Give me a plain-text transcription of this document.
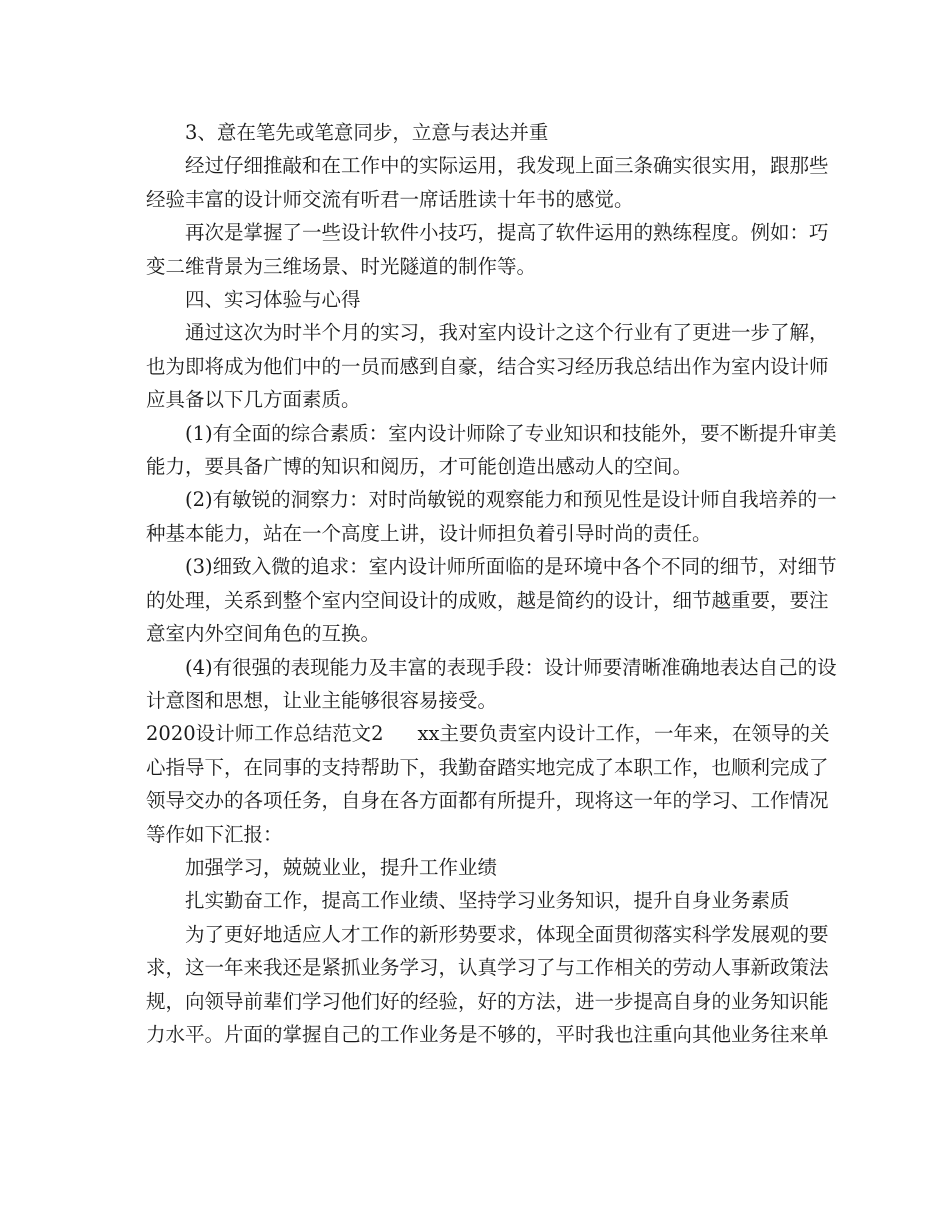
3、意在笔先或笔意同步，立意与表达并重

经过仔细推敲和在工作中的实际运用，我发现上面三条确实很实用，跟那些
经验丰富的设计师交流有听君一席话胜读十年书的感觉。

再次是掌握了一些设计软件小技巧，提高了软件运用的熟练程度。例如：巧
变二维背景为三维场景、时光隧道的制作等。

四、实习体验与心得

通过这次为时半个月的实习，我对室内设计之这个行业有了更进一步了解，
也为即将成为他们中的一员而感到自豪，结合实习经历我总结出作为室内设计师
应具备以下几方面素质。

(1)有全面的综合素质：室内设计师除了专业知识和技能外，要不断提升审美
能力，要具备广博的知识和阅历，才可能创造出感动人的空间。

(2)有敏锐的洞察力：对时尚敏锐的观察能力和预见性是设计师自我培养的一
种基本能力，站在一个高度上讲，设计师担负着引导时尚的责任。

(3)细致入微的追求：室内设计师所面临的是环境中各个不同的细节，对细节
的处理，关系到整个室内空间设计的成败，越是简约的设计，细节越重要，要注
意室内外空间角色的互换。

(4)有很强的表现能力及丰富的表现手段：设计师要清晰准确地表达自己的设
计意图和思想，让业主能够很容易接受。

2020设计师工作总结范文2 xx主要负责室内设计工作，一年来，在领导的关
心指导下，在同事的支持帮助下，我勤奋踏实地完成了本职工作，也顺利完成了
领导交办的各项任务，自身在各方面都有所提升，现将这一年的学习、工作情况
等作如下汇报：

加强学习，兢兢业业，提升工作业绩

扎实勤奋工作，提高工作业绩、坚持学习业务知识，提升自身业务素质

为了更好地适应人才工作的新形势要求，体现全面贯彻落实科学发展观的要
求，这一年来我还是紧抓业务学习，认真学习了与工作相关的劳动人事新政策法
规，向领导前辈们学习他们好的经验，好的方法，进一步提高自身的业务知识能
力水平。片面的掌握自己的工作业务是不够的，平时我也注重向其他业务往来单
